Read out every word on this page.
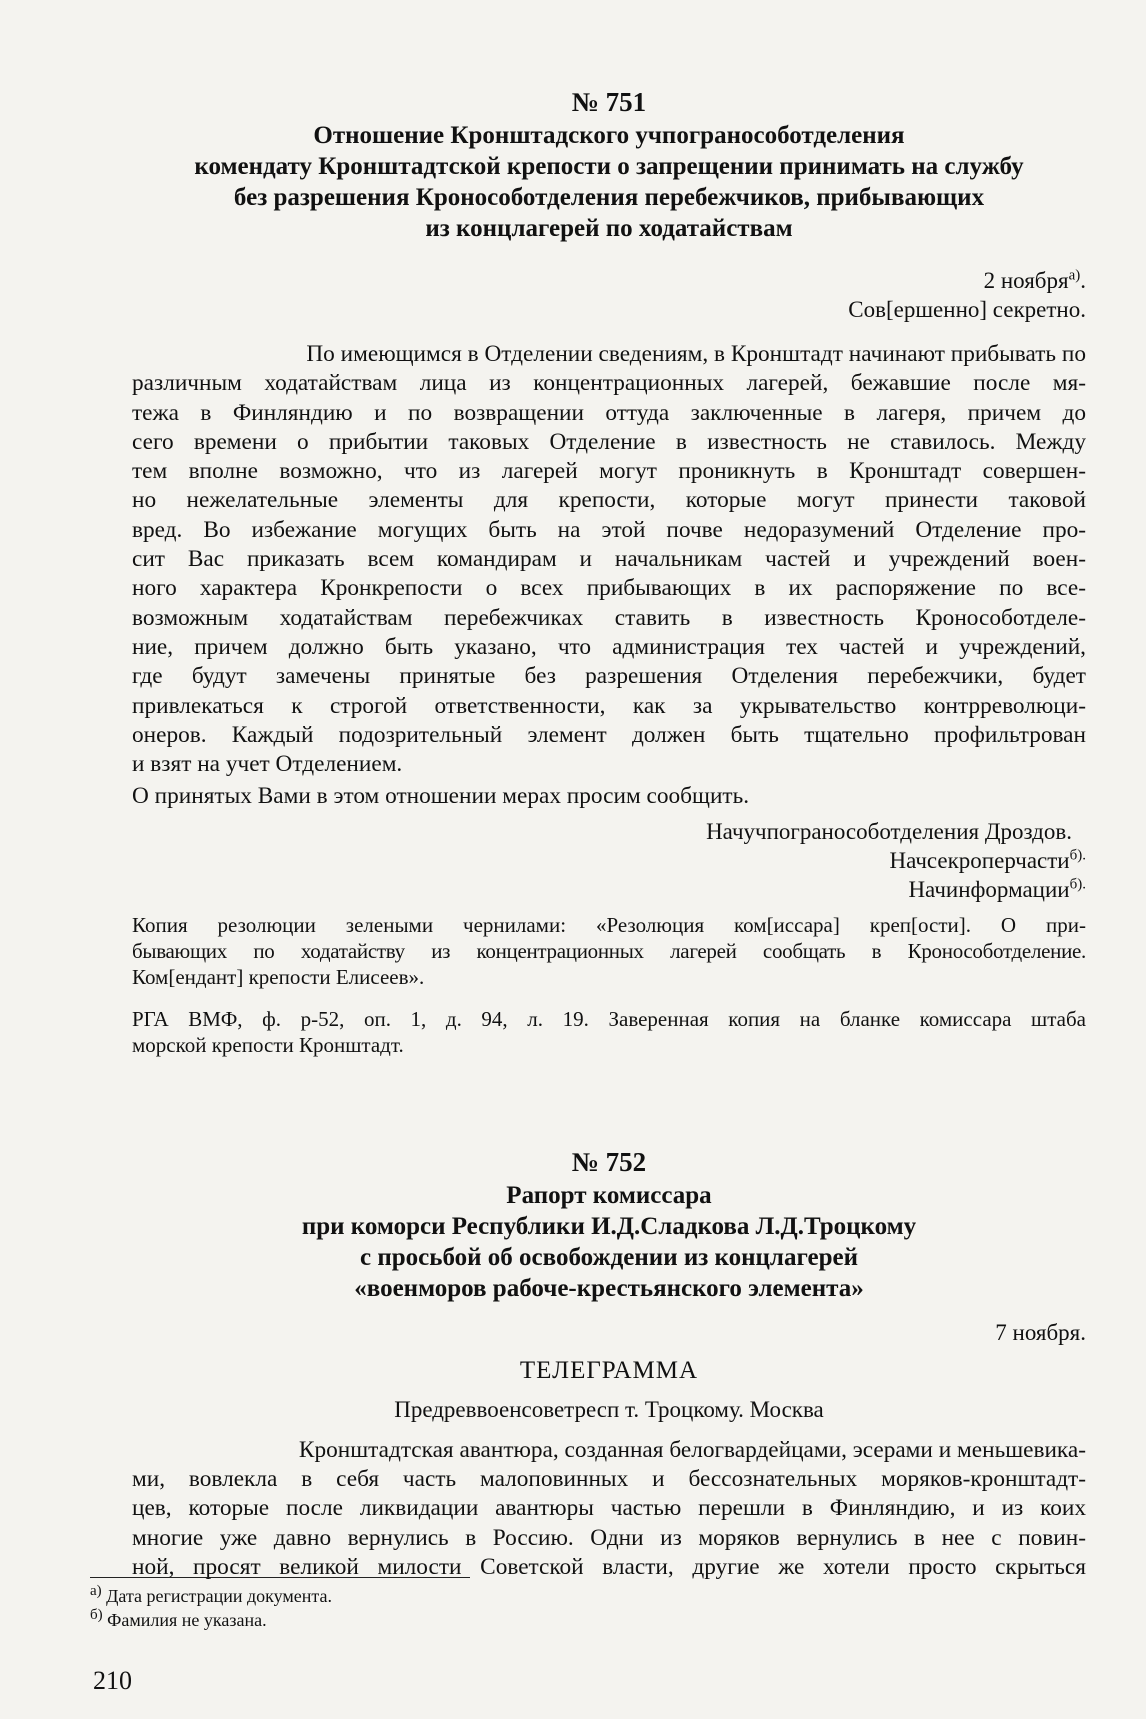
№ 751

Отношение Кронштадского учпогранособотделения

комендату Кронштадтской крепости о запрещении принимать на службу

без разрешения Кронособотделения перебежчиков, прибывающих

из концлагерей по ходатайствам

2 ноября$^{а)}$.

Сов[ершенно] секретно.

По имеющимся в Отделении сведениям, в Кронштадт начинают прибывать по

различным ходатайствам лица из концентрационных лагерей, бежавшие после мя-

тежа в Финляндию и по возвращении оттуда заключенные в лагеря, причем до

сего времени о прибытии таковых Отделение в известность не ставилось. Между

тем вполне возможно, что из лагерей могут проникнуть в Кронштадт совершен-

но нежелательные элементы для крепости, которые могут принести таковой

вред. Во избежание могущих быть на этой почве недоразумений Отделение про-

сит Вас приказать всем командирам и начальникам частей и учреждений воен-

ного характера Кронкрепости о всех прибывающих в их распоряжение по все-

возможным ходатайствам перебежчиках ставить в известность Кронособотделе-

ние, причем должно быть указано, что администрация тех частей и учреждений,

где будут замечены принятые без разрешения Отделения перебежчики, будет

привлекаться к строгой ответственности, как за укрывательство контрреволюци-

онеров. Каждый подозрительный элемент должен быть тщательно профильтрован

и взят на учет Отделением.

О принятых Вами в этом отношении мерах просим сообщить.

Начучпогранособотделения Дроздов.

Начсекроперчасти$^{б).}$

Начинформации$^{б).}$

Копия резолюции зелеными чернилами: «Резолюция ком[иссара] креп[ости]. О при-

бывающих по ходатайству из концентрационных лагерей сообщать в Кронособотделение.

Ком[ендант] крепости Елисеев».

РГА ВМФ, ф. р-52, оп. 1, д. 94, л. 19. Заверенная копия на бланке комиссара штаба

морской крепости Кронштадт.

№ 752

Рапорт комиссара

при коморси Республики И.Д.Сладкова Л.Д.Троцкому

с просьбой об освобождении из концлагерей

«военморов рабоче-крестьянского элемента»

7 ноября.

ТЕЛЕГРАММА

Предреввоенсоветресп т. Троцкому. Москва

Кронштадтская авантюра, созданная белогвардейцами, эсерами и меньшевика-

ми, вовлекла в себя часть малоповинных и бессознательных моряков-кронштадт-

цев, которые после ликвидации авантюры частью перешли в Финляндию, и из коих

многие уже давно вернулись в Россию. Одни из моряков вернулись в нее с повин-

ной, просят великой милости Советской власти, другие же хотели просто скрыться

$^{а)}$ Дата регистрации документа.

$^{б)}$ Фамилия не указана.

210
